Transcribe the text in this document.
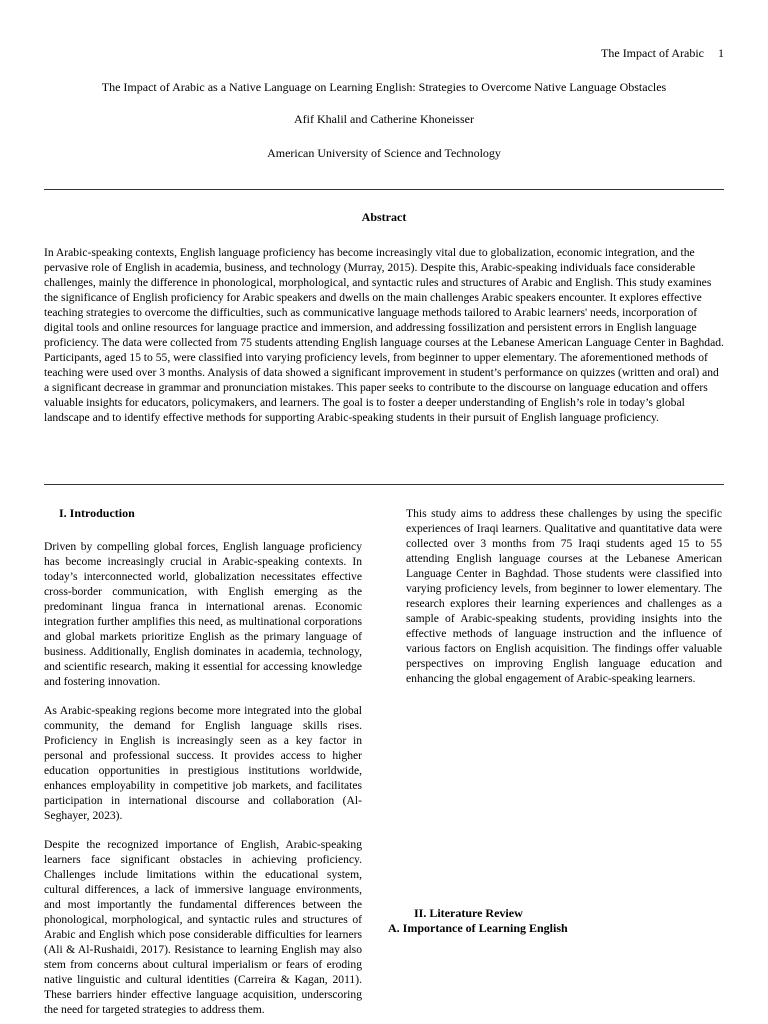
The Impact of Arabic 1
The Impact of Arabic as a Native Language on Learning English: Strategies to Overcome Native Language Obstacles
Afif Khalil and Catherine Khoneisser
American University of Science and Technology
Abstract

In Arabic-speaking contexts, English language proficiency has become increasingly vital due to globalization, economic integration, and the pervasive role of English in academia, business, and technology (Murray, 2015). Despite this, Arabic-speaking individuals face considerable challenges, mainly the difference in phonological, morphological, and syntactic rules and structures of Arabic and English. This study examines the significance of English proficiency for Arabic speakers and dwells on the main challenges Arabic speakers encounter. It explores effective teaching strategies to overcome the difficulties, such as communicative language methods tailored to Arabic learners' needs, incorporation of digital tools and online resources for language practice and immersion, and addressing fossilization and persistent errors in English language proficiency. The data were collected from 75 students attending English language courses at the Lebanese American Language Center in Baghdad. Participants, aged 15 to 55, were classified into varying proficiency levels, from beginner to upper elementary. The aforementioned methods of teaching were used over 3 months. Analysis of data showed a significant improvement in student’s performance on quizzes (written and oral) and a significant decrease in grammar and pronunciation mistakes. This paper seeks to contribute to the discourse on language education and offers valuable insights for educators, policymakers, and learners. The goal is to foster a deeper understanding of English’s role in today’s global landscape and to identify effective methods for supporting Arabic-speaking students in their pursuit of English language proficiency.

I. Introduction

Driven by compelling global forces, English language proficiency has become increasingly crucial in Arabic-speaking contexts. In today’s interconnected world, globalization necessitates effective cross-border communication, with English emerging as the predominant lingua franca in international arenas. Economic integration further amplifies this need, as multinational corporations and global markets prioritize English as the primary language of business. Additionally, English dominates in academia, technology, and scientific research, making it essential for accessing knowledge and fostering innovation.

As Arabic-speaking regions become more integrated into the global community, the demand for English language skills rises. Proficiency in English is increasingly seen as a key factor in personal and professional success. It provides access to higher education opportunities in prestigious institutions worldwide, enhances employability in competitive job markets, and facilitates participation in international discourse and collaboration (Al-Seghayer, 2023).

Despite the recognized importance of English, Arabic-speaking learners face significant obstacles in achieving proficiency. Challenges include limitations within the educational system, cultural differences, a lack of immersive language environments, and most importantly the fundamental differences between the phonological, morphological, and syntactic rules and structures of Arabic and English which pose considerable difficulties for learners (Ali & Al-Rushaidi, 2017). Resistance to learning English may also stem from concerns about cultural imperialism or fears of eroding native linguistic and cultural identities (Carreira & Kagan, 2011). These barriers hinder effective language acquisition, underscoring the need for targeted strategies to address them.

This study aims to address these challenges by using the specific experiences of Iraqi learners. Qualitative and quantitative data were collected over 3 months from 75 Iraqi students aged 15 to 55 attending English language courses at the Lebanese American Language Center in Baghdad. Those students were classified into varying proficiency levels, from beginner to lower elementary. The research explores their learning experiences and challenges as a sample of Arabic-speaking students, providing insights into the effective methods of language instruction and the influence of various factors on English acquisition. The findings offer valuable perspectives on improving English language education and enhancing the global engagement of Arabic-speaking learners.

II. Literature Review
A. Importance of Learning English
